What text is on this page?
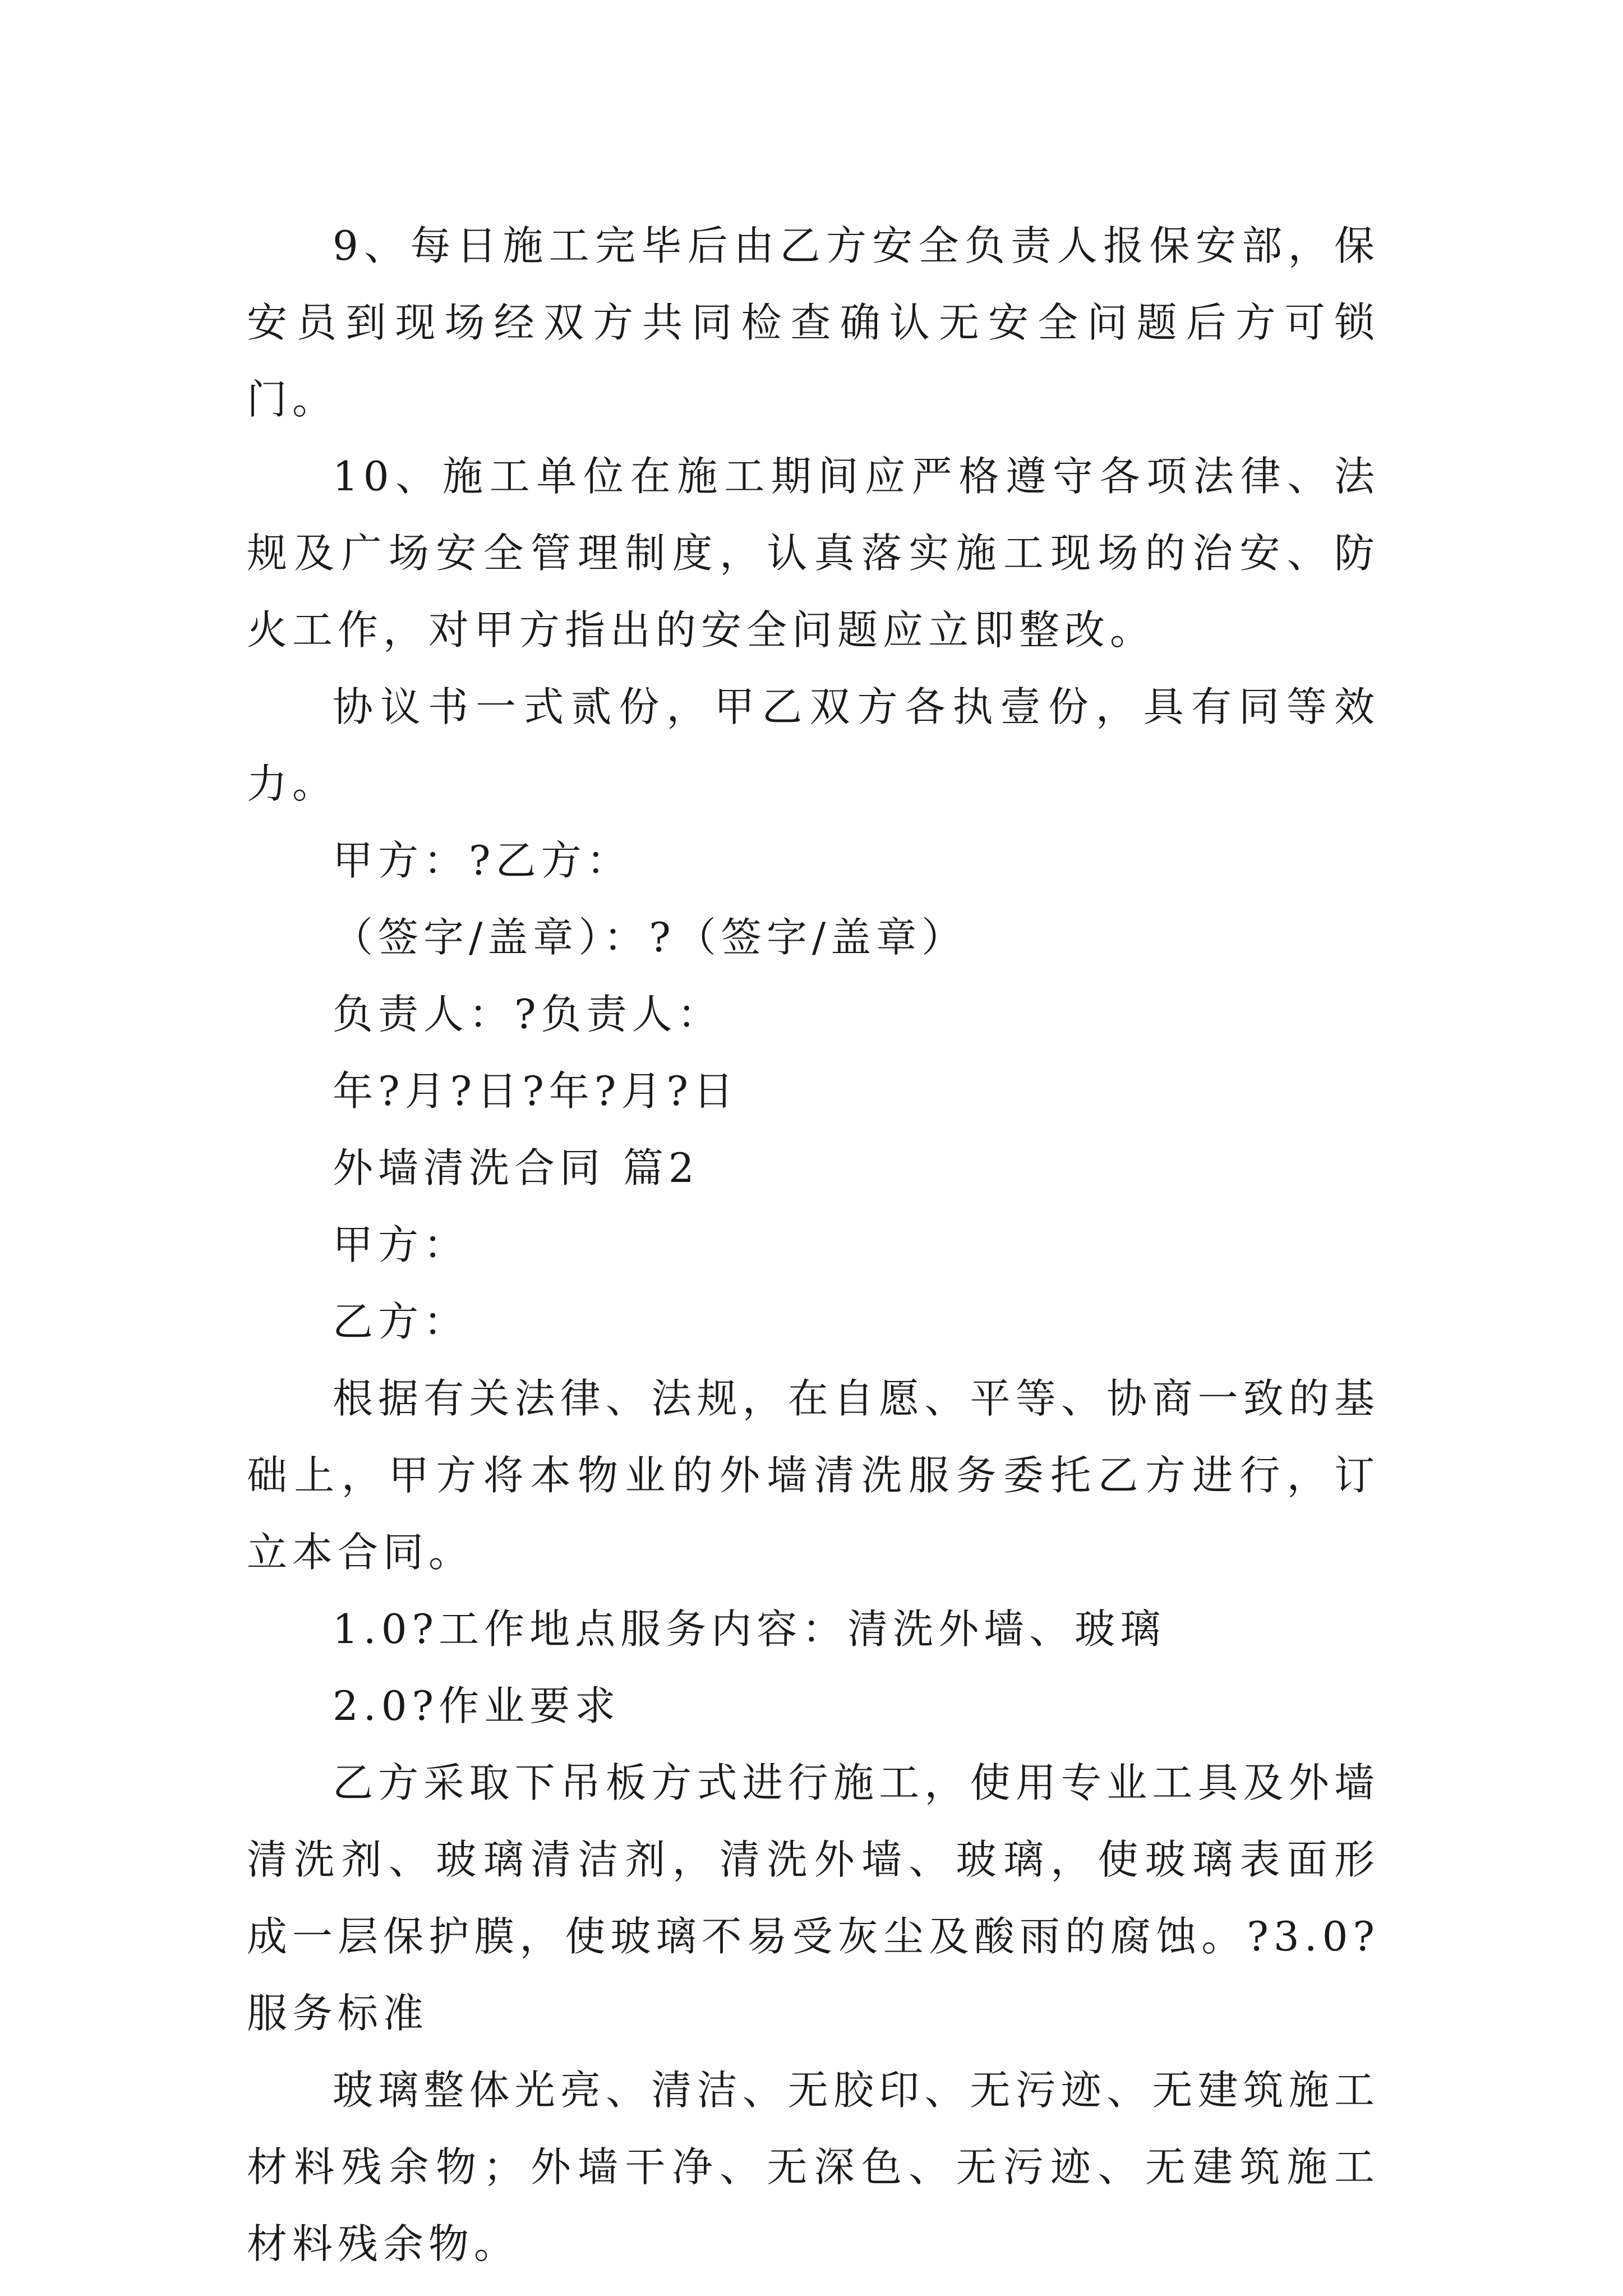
9、每日施工完毕后由乙方安全负责人报保安部，保安员到现场经双方共同检查确认无安全问题后方可锁门。

10、施工单位在施工期间应严格遵守各项法律、法规及广场安全管理制度，认真落实施工现场的治安、防火工作，对甲方指出的安全问题应立即整改。

协议书一式贰份，甲乙双方各执壹份，具有同等效力。

甲方：?乙方：

（签字/盖章）：?（签字/盖章）

负责人：?负责人：

年?月?日?年?月?日

外墙清洗合同 篇2

甲方：

乙方：

根据有关法律、法规，在自愿、平等、协商一致的基础上，甲方将本物业的外墙清洗服务委托乙方进行，订立本合同。

1.0?工作地点服务内容：清洗外墙、玻璃

2.0?作业要求

乙方采取下吊板方式进行施工，使用专业工具及外墙清洗剂、玻璃清洁剂，清洗外墙、玻璃，使玻璃表面形成一层保护膜，使玻璃不易受灰尘及酸雨的腐蚀。?3.0?服务标准

玻璃整体光亮、清洁、无胶印、无污迹、无建筑施工材料残余物；外墙干净、无深色、无污迹、无建筑施工材料残余物。
